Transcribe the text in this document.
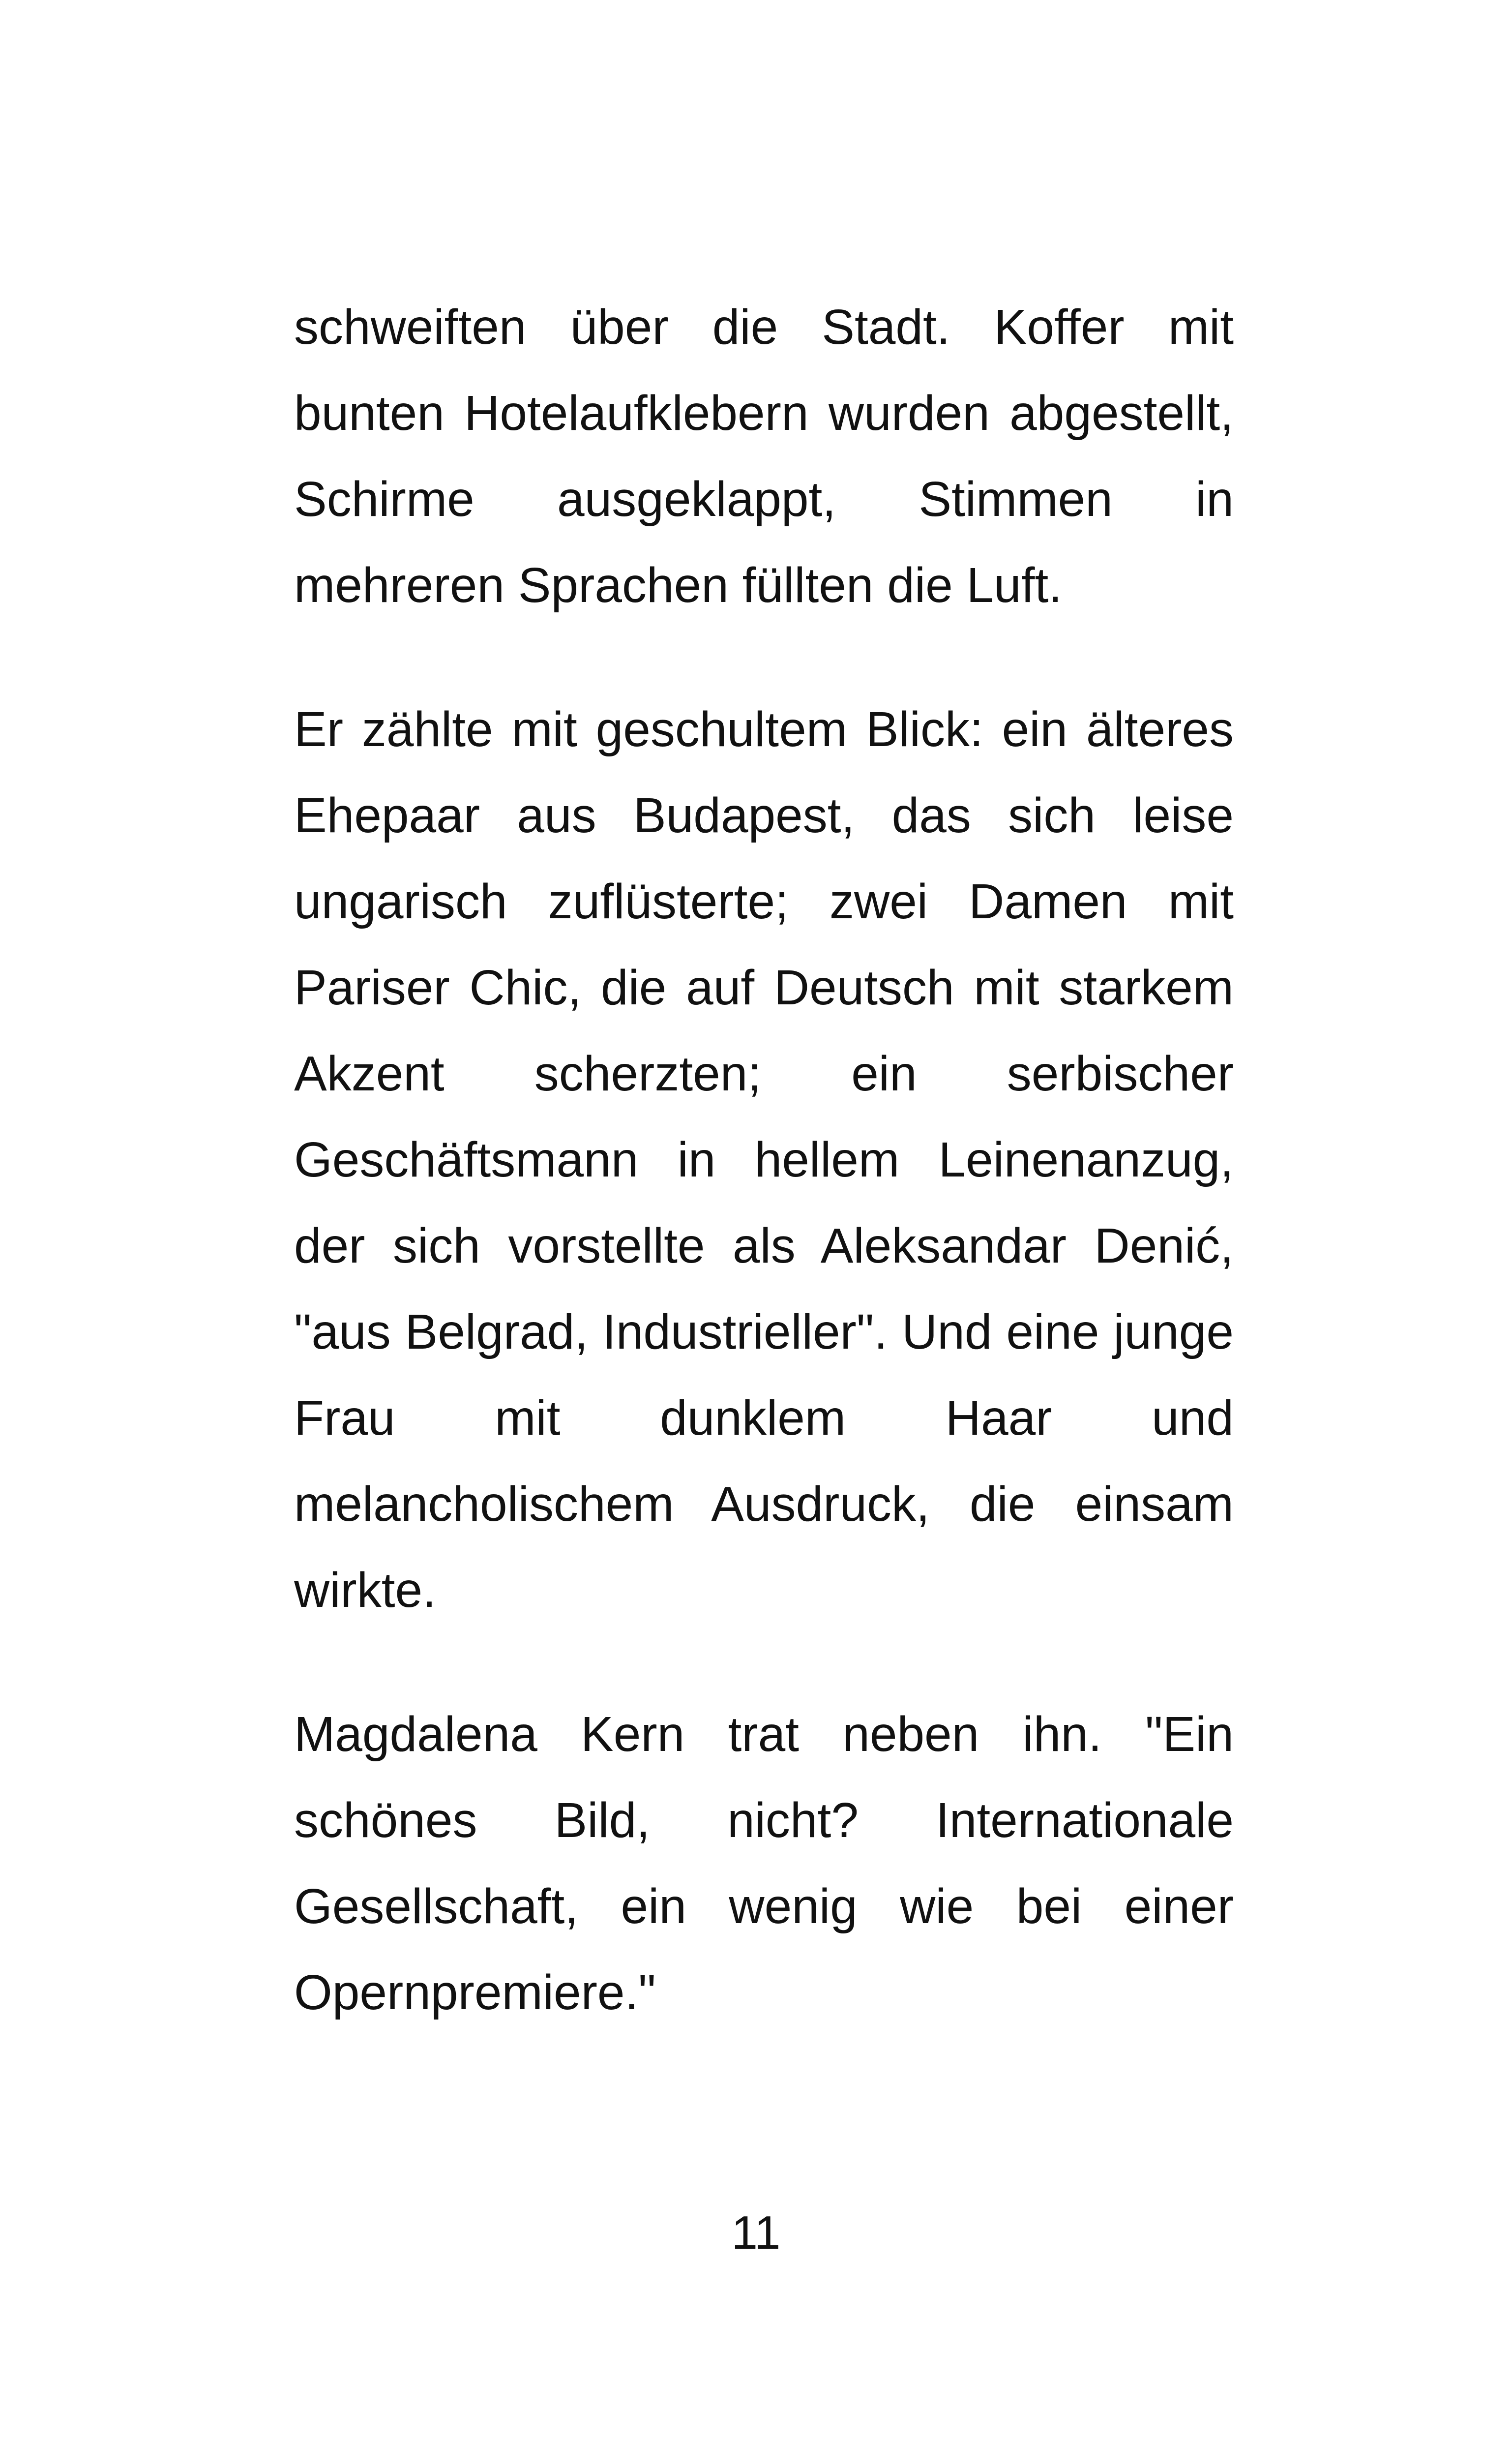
schweiften über die Stadt. Koffer mit
bunten Hotelaufklebern wurden abgestellt,
Schirme ausgeklappt, Stimmen in
mehreren Sprachen füllten die Luft.
Er zählte mit geschultem Blick: ein älteres
Ehepaar aus Budapest, das sich leise
ungarisch zuflüsterte; zwei Damen mit
Pariser Chic, die auf Deutsch mit starkem
Akzent scherzten; ein serbischer
Geschäftsmann in hellem Leinenanzug,
der sich vorstellte als Aleksandar Denić,
"aus Belgrad, Industrieller". Und eine junge
Frau mit dunklem Haar und
melancholischem Ausdruck, die einsam
wirkte.
Magdalena Kern trat neben ihn. "Ein
schönes Bild, nicht? Internationale
Gesellschaft, ein wenig wie bei einer
Opernpremiere."
11
